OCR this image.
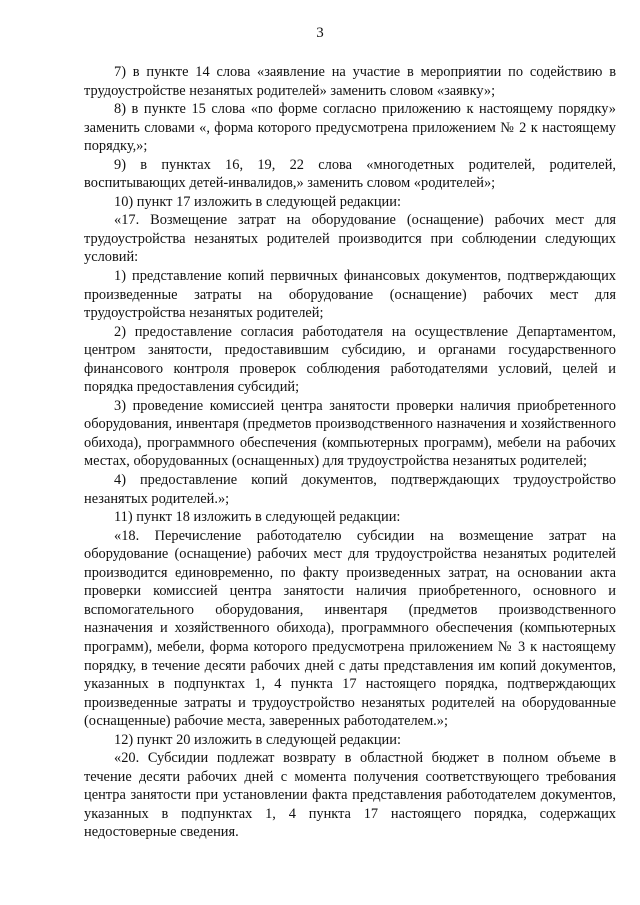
3

7) в пункте 14 слова «заявление на участие в мероприятии по содействию в трудоустройстве незанятых родителей» заменить словом «заявку»;

8) в пункте 15 слова «по форме согласно приложению к настоящему порядку» заменить словами «, форма которого предусмотрена приложением № 2 к настоящему порядку,»;

9) в пунктах 16, 19, 22 слова «многодетных родителей, родителей, воспитывающих детей-инвалидов,» заменить словом «родителей»;

10) пункт 17 изложить в следующей редакции:

«17. Возмещение затрат на оборудование (оснащение) рабочих мест для трудоустройства незанятых родителей производится при соблюдении следующих условий:

1) представление копий первичных финансовых документов, подтверждающих произведенные затраты на оборудование (оснащение) рабочих мест для трудоустройства незанятых родителей;

2) предоставление согласия работодателя на осуществление Департаментом, центром занятости, предоставившим субсидию, и органами государственного финансового контроля проверок соблюдения работодателями условий, целей и порядка предоставления субсидий;

3) проведение комиссией центра занятости проверки наличия приобретенного оборудования, инвентаря (предметов производственного назначения и хозяйственного обихода), программного обеспечения (компьютерных программ), мебели на рабочих местах, оборудованных (оснащенных) для трудоустройства незанятых родителей;

4) предоставление копий документов, подтверждающих трудоустройство незанятых родителей.»;

11) пункт 18 изложить в следующей редакции:

«18. Перечисление работодателю субсидии на возмещение затрат на оборудование (оснащение) рабочих мест для трудоустройства незанятых родителей производится единовременно, по факту произведенных затрат, на основании акта проверки комиссией центра занятости наличия приобретенного, основного и вспомогательного оборудования, инвентаря (предметов производственного назначения и хозяйственного обихода), программного обеспечения (компьютерных программ), мебели, форма которого предусмотрена приложением № 3 к настоящему порядку, в течение десяти рабочих дней с даты представления им копий документов, указанных в подпунктах 1, 4 пункта 17 настоящего порядка, подтверждающих произведенные затраты и трудоустройство незанятых родителей на оборудованные (оснащенные) рабочие места, заверенных работодателем.»;

12) пункт 20 изложить в следующей редакции:

«20. Субсидии подлежат возврату в областной бюджет в полном объеме в течение десяти рабочих дней с момента получения соответствующего требования центра занятости при установлении факта представления работодателем документов, указанных в подпунктах 1, 4 пункта 17 настоящего порядка, содержащих недостоверные сведения.
